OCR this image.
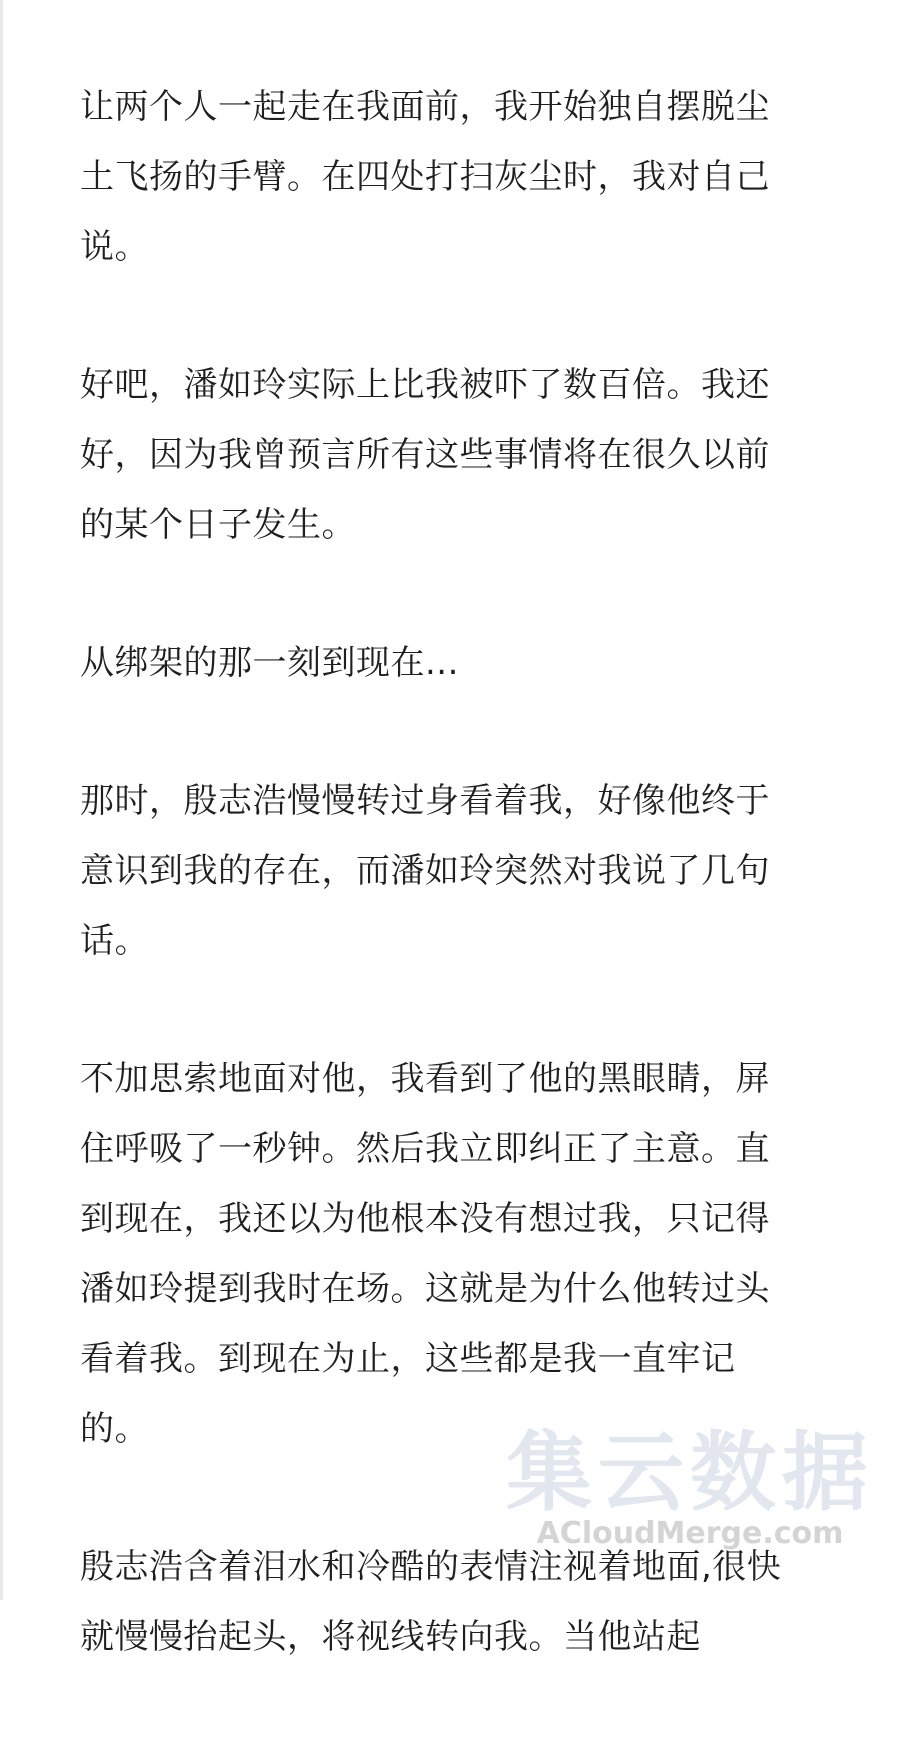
让两个人一起走在我面前，我开始独自摆脱尘土飞扬的手臂。在四处打扫灰尘时，我对自己说。

好吧，潘如玲实际上比我被吓了数百倍。我还好，因为我曾预言所有这些事情将在很久以前的某个日子发生。

从绑架的那一刻到现在...

那时，殷志浩慢慢转过身看着我，好像他终于意识到我的存在，而潘如玲突然对我说了几句话。

不加思索地面对他，我看到了他的黑眼睛，屏住呼吸了一秒钟。然后我立即纠正了主意。直到现在，我还以为他根本没有想过我，只记得潘如玲提到我时在场。这就是为什么他转过头看着我。到现在为止，这些都是我一直牢记的。

殷志浩含着泪水和冷酷的表情注视着地面,很快就慢慢抬起头，将视线转向我。当他站起

集云数据
ACloudMerge.com
